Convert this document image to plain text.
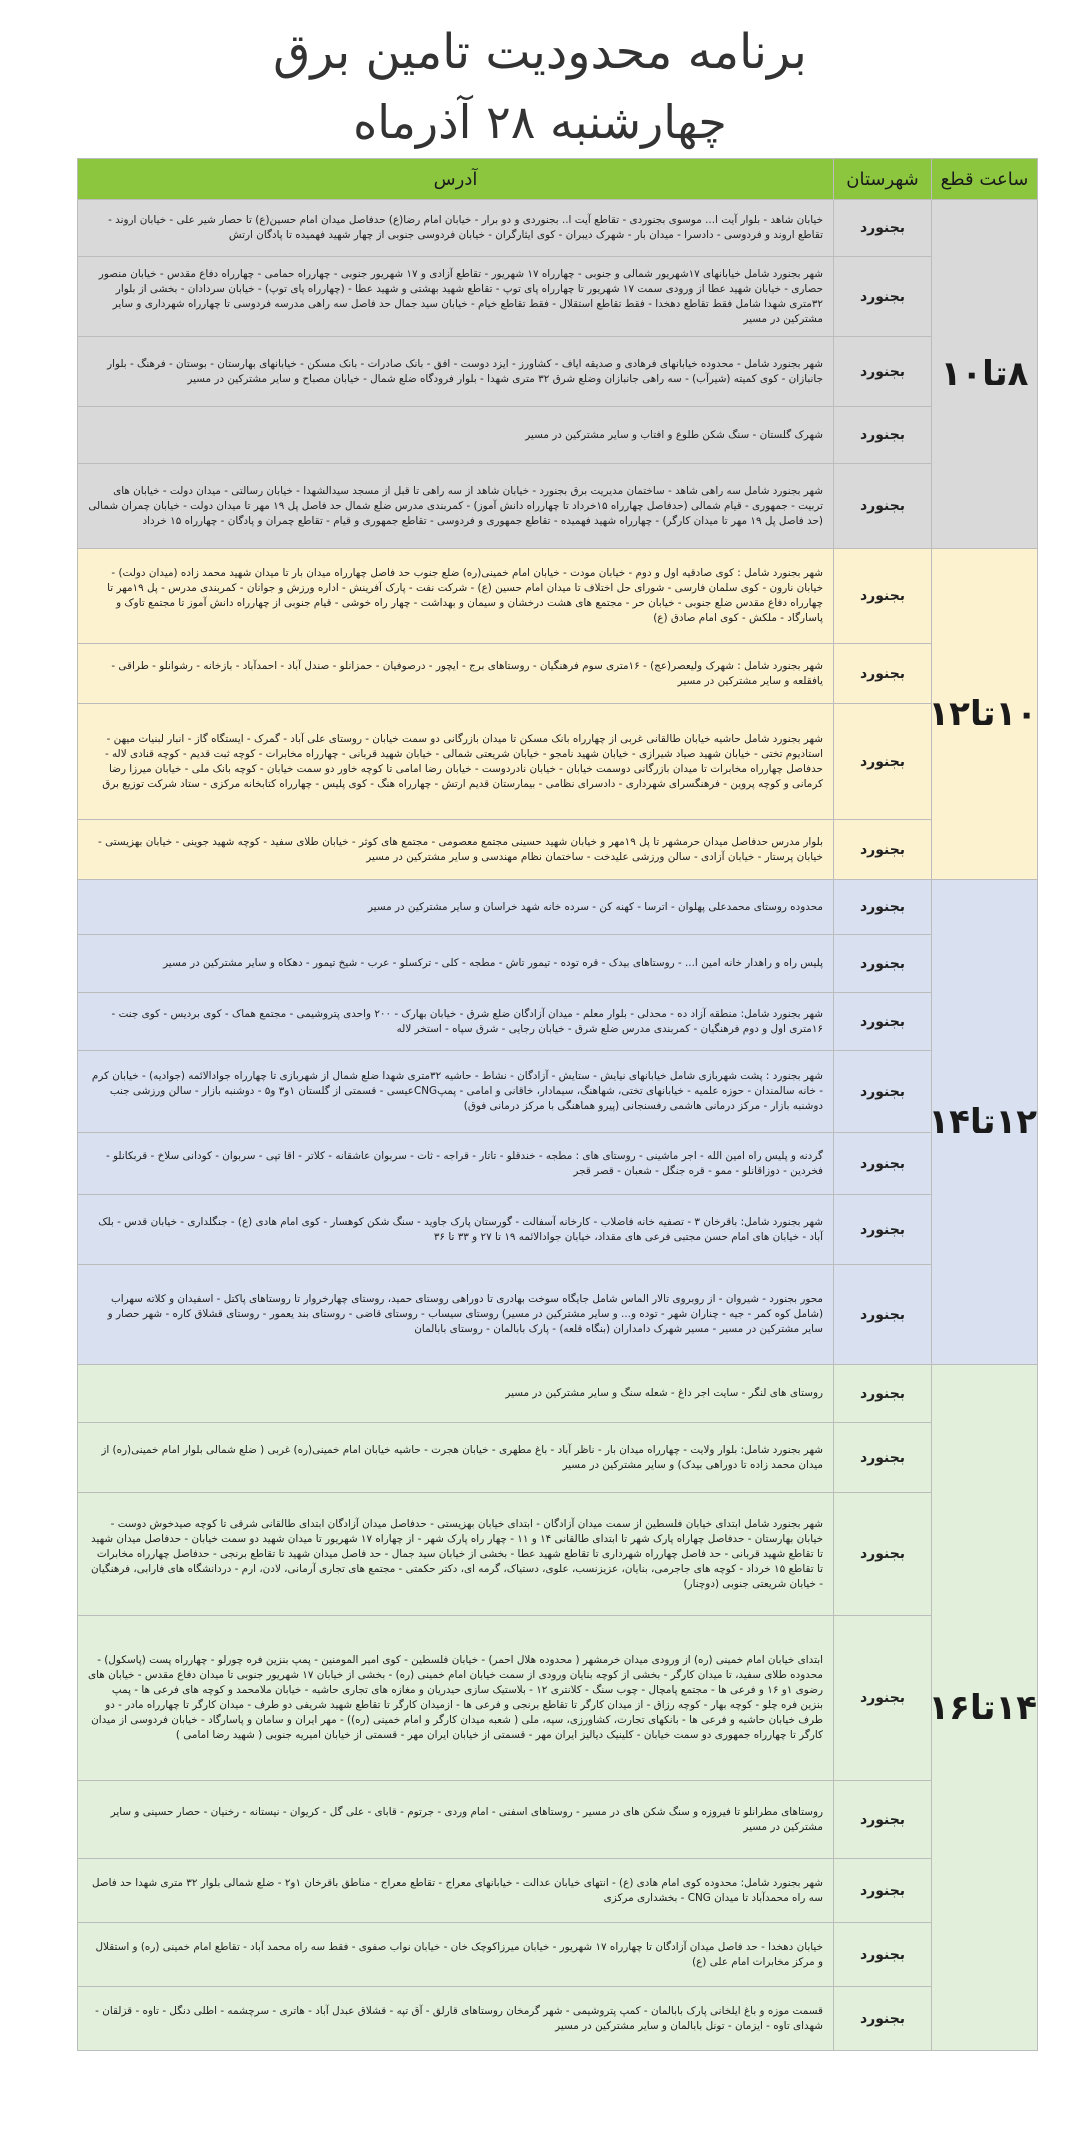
برنامه محدودیت تامین برق
چهارشنبه ۲۸ آذرماه
ساعت قطع	شهرستان	آدرس
۸تا۱۰	بجنورد	خیابان شاهد - بلوار آیت ا... موسوی بجنوردی - تقاطع آیت ا.. بجنوردی و دو برار - خیابان امام رضا(ع) حدفاصل میدان امام حسین(ع) تا حصار شیر علی - خیابان اروند - تقاطع اروند و فردوسی - دادسرا - میدان بار - شهرک دیبران - کوی ایثارگران - خیابان فردوسی جنوبی از چهار شهید فهمیده تا پادگان ارتش
	بجنورد	شهر بجنورد شامل خیابانهای ۱۷شهریور شمالی و جنوبی - چهارراه ۱۷ شهریور - تقاطع آزادی و ۱۷ شهریور جنوبی - چهارراه حمامی - چهارراه دفاع مقدس - خیابان منصور حصاری - خیابان شهید عطا از ورودی سمت ۱۷ شهریور تا چهارراه پای توپ - تقاطع شهید بهشتی و شهید عطا - (چهارراه پای توپ) - خیابان سردادان - بخشی از بلوار ۳۲متری شهدا شامل فقط تقاطع دهخدا - فقط تقاطع استقلال - فقط تقاطع خیام - خیابان سید جمال حد فاصل سه راهی مدرسه فردوسی تا چهارراه شهرداری و سایر مشترکین در مسیر
	بجنورد	شهر بجنورد شامل - محدوده خیابانهای فرهادی و صدیقه ایاف - کشاورز - ایزد دوست - افق - بانک صادرات - بانک مسکن - خیابانهای بهارستان - بوستان - فرهنگ - بلوار جانبازان - کوی کمیته (شیرآب) - سه راهی جانبازان وضلع شرق ۳۲ متری شهدا - بلوار فرودگاه ضلع شمال - خیابان مصباح و سایر مشترکین در مسیر
	بجنورد	شهرک گلستان - سنگ شکن طلوع و افتاب و سایر مشترکین در مسیر
	بجنورد	شهر بجنورد شامل سه راهی شاهد - ساختمان مدیریت برق بجنورد - خیابان شاهد از سه راهی تا قبل از مسجد سیدالشهدا - خیابان رسالتی - میدان دولت - خیابان های تربیت - جمهوری - قیام شمالی (حدفاصل چهارراه ۱۵خرداد تا چهارراه دانش آموز) - کمربندی مدرس ضلع شمال حد فاصل پل ۱۹ مهر تا میدان دولت - خیابان چمران شمالی (حد فاصل پل ۱۹ مهر تا میدان کارگر) - چهارراه شهید فهمیده - تقاطع جمهوری و فردوسی - تقاطع جمهوری و قیام - تقاطع چمران و پادگان - چهارراه ۱۵ خرداد
۱۰تا۱۲	بجنورد	شهر بجنورد شامل : کوی صادقیه اول و دوم - خیابان مودت - خیابان امام خمینی(ره) ضلع جنوب حد فاصل چهارراه میدان بار تا میدان شهید محمد زاده (میدان دولت) - خیابان نارون - کوی سلمان فارسی - شورای حل اختلاف تا میدان امام حسین (ع) - شرکت نفت - پارک آفرینش - اداره ورزش و جوانان - کمربندی مدرس - پل ۱۹مهر تا چهارراه دفاع مقدس ضلع جنوبی - خیابان حر - مجتمع های هشت درخشان و سیمان و بهداشت - چهار راه خوشی - قیام جنوبی از چهارراه دانش آموز تا مجتمع تاوک و پاسارگاد - ملکش - کوی امام صادق (ع)
	بجنورد	شهر بجنورد شامل : شهرک ولیعصر(عج) - ۱۶متری سوم فرهنگیان - روستاهای برج - ایچور - درصوفیان - حمزانلو - صندل آباد - احمدآباد - بازخانه - رشوانلو - طراقی - یافقلعه و سایر مشترکین در مسیر
	بجنورد	شهر بجنورد شامل حاشیه خیابان طالقانی غربی از چهارراه بانک مسکن تا میدان بازرگانی دو سمت خیابان - روستای علی آباد - گمرک - ایستگاه گاز - انبار لبنیات میهن - استادیوم تختی - خیابان شهید صیاد شیرازی - خیابان شهید نامجو - خیابان شریعتی شمالی - خیابان شهید قربانی - چهارراه مخابرات - کوچه ثبت قدیم - کوچه قنادی لاله - حدفاصل چهارراه مخابرات تا میدان بازرگانی دوسمت خیابان - خیابان نادردوست - خیابان رضا امامی تا کوچه خاور دو سمت خیابان - کوچه بانک ملی - خیابان میرزا رضا کرمانی و کوچه پروین - فرهنگسرای شهرداری - دادسرای نظامی - بیمارستان قدیم ارتش - چهارراه هنگ - کوی پلیس - چهارراه کتابخانه مرکزی - ستاد شرکت توزیع برق
	بجنورد	بلوار مدرس حدفاصل میدان حرمشهر تا پل ۱۹مهر و خیابان شهید حسینی مجتمع معصومی - مجتمع های کوثر - خیابان طلای سفید - کوچه شهید جوینی - خیابان بهزیستی - خیابان پرستار - خیابان آزادی - سالن ورزشی علیدخت - ساختمان نظام مهندسی و سایر مشترکین در مسیر
۱۲تا۱۴	بجنورد	محدوده روستای محمدعلی پهلوان - اترسا - کهنه کن - سرده خانه شهد خراسان و سایر مشترکین در مسیر
	بجنورد	پلیس راه و راهدار خانه امین ا... - روستاهای بیدک - قره توده - تیمور تاش - مطجه - کلی - ترکسلو - عرب - شیخ تیمور - دهکاه و سایر مشترکین در مسیر
	بجنورد	شهر بجنورد شامل: منطقه آزاد ده - محدلی - بلوار معلم - میدان آزادگان ضلع شرق - خیابان بهارک - ۲۰۰ واحدی پتروشیمی - مجتمع هماک - کوی بردیس - کوی جنت - ۱۶متری اول و دوم فرهنگیان - کمربندی مدرس ضلع شرق - خیابان رجایی - شرق سپاه - استخر لاله
	بجنورد	شهر بجنورد : پشت شهربازی شامل خیابانهای نیایش - ستایش - آزادگان - نشاط - حاشیه ۳۲متری شهدا ضلع شمال از شهربازی تا چهارراه جوادالائمه (جوادیه) - خیابان کرم - خانه سالمندان - حوزه علمیه - خیابانهای تختی، شهاهنگ، سیمادار، خاقانی و امامی - پمپCNGعیسی - قسمتی از گلستان ۱و۳ و۵ - دوشنبه بازار - سالن ورزشی جنب دوشنبه بازار - مرکز درمانی هاشمی رفسنجانی (پیرو هماهنگی با مرکز درمانی فوق)
	بجنورد	گردنه و پلیس راه امین الله - اجر ماشینی - روستای های : مطجه - خندقلو - تاتار - قراجه - ثات - سربوان عاشقانه - کلاتر - اقا تپی - سربوان - کودانی سلاخ - قربکانلو - فخردین - دوزاقانلو - ممو - قره جنگل - شعبان - قصر قجر
	بجنورد	شهر بجنورد شامل: باقرخان ۳ - تصفیه خانه فاضلاب - کارخانه آسفالت - گورستان پارک جاوید - سنگ شکن کوهسار - کوی امام هادی (ع) - جنگلداری - خیابان قدس - بلک آباد - خیابان های امام حسن مجتبی فرعی های مقداد، خیابان جوادالائمه ۱۹ تا ۲۷ و ۳۳ تا ۳۶
	بجنورد	محور بجنورد - شیروان - از روبروی تالار الماس شامل جایگاه سوخت بهادری تا دوراهی روستای حمید، روستای چهارخروار تا روستاهای پاکتل - اسفیدان و کلاته سهراب (شامل کوه کمر - جیه - چناران شهر - توده و... و سایر مشترکین در مسیر) روستای سیساب - روستای قاضی - روستای بند یعمور - روستای قشلاق کاره - شهر حصار و سایر مشترکین در مسیر - مسیر شهرک دامداران (بنگاه قلعه) - پارک بابالمان - روستای بابالمان
۱۴تا۱۶	بجنورد	روستای های لنگر - سایت اجر داغ - شعله سنگ و سایر مشترکین در مسیر
	بجنورد	شهر بجنورد شامل: بلوار ولایت - چهارراه میدان بار - ناظر آباد - باغ مطهری - خیابان هجرت - حاشیه خیابان امام خمینی(ره) غربی ( ضلع شمالی بلوار امام خمینی(ره) از میدان محمد زاده تا دوراهی بیدک) و سایر مشترکین در مسیر
	بجنورد	شهر بجنورد شامل ابتدای خیابان فلسطین از سمت میدان آزادگان - ابتدای خیابان بهزیستی - حدفاصل میدان آزادگان ابتدای طالقانی شرقی تا کوچه صیدخوش دوست - خیابان بهارستان - حدفاصل چهاراه پارک شهر تا ابتدای طالقانی ۱۴ و ۱۱ - چهار راه پارک شهر - از چهاراه ۱۷ شهریور تا میدان شهید دو سمت خیابان - حدفاصل میدان شهید تا تقاطع شهید قربانی - حد فاصل چهارراه شهرداری تا تقاطع شهید عطا - بخشی از خیابان سید جمال - حد فاصل میدان شهید تا تقاطع برنجی - حدفاصل چهارراه مخابرات تا تقاطع ۱۵ خرداد - کوچه های جاجرمی، بنایان، عزیزنسب، علوی، دستیاک، گرمه ای، دکتر حکمتی - مجتمع های تجاری آرمانی، لادن، ارم - دردانشگاه های فارابی، فرهنگیان - خیابان شریعتی جنوبی (دوچنار)
	بجنورد	ابتدای خیابان امام خمینی (ره) از ورودی میدان خرمشهر ( محدوده هلال احمر) - خیابان فلسطین - کوی امیر المومنین - پمپ بنزین فره چورلو - چهارراه پست (پاسکول) - محدوده طلای سفید، تا میدان کارگر - بخشی از کوچه بنایان ورودی از سمت خیابان امام خمینی (ره) - بخشی از خیابان ۱۷ شهریور جنوبی تا میدان دفاع مقدس - خیابان های رضوی ۱و ۱۶ و فرعی ها - مجتمع پامچال - چوب سنگ - کلانتری ۱۲ - بلاستیک سازی حیدریان و مغازه های تجاری حاشیه - خیابان ملامحمد و کوچه های فرعی ها - پمپ بنزین فره چلو - کوچه بهار - کوچه رزاق - از میدان کارگر تا تقاطع برنجی و فرعی ها - ازمیدان کارگر تا تقاطع شهید شریفی دو طرف - میدان کارگر تا چهارراه مادر - دو طرف خیابان حاشیه و فرعی ها - بانکهای تجارت، کشاورزی، سپه، ملی ( شعبه میدان کارگر و امام خمینی (ره)) - مهر ایران و سامان و پاسارگاد - خیابان فردوسی از میدان کارگر تا چهارراه جمهوری دو سمت خیابان - کلینیک دیالیز ایران مهر - قسمتی از خیابان ایران مهر - قسمتی از خیابان امیریه جنوبی ( شهید رضا امامی )
	بجنورد	روستاهای مطرانلو تا فیروزه و سنگ شکن های در مسیر - روستاهای اسفنی - امام وردی - جرتوم - قابای - علی گل - کریوان - نیستانه - رخنیان - حصار حسینی و سایر مشترکین در مسیر
	بجنورد	شهر بجنورد شامل: محدوده کوی امام هادی (ع) - انتهای خیابان عدالت - خیابانهای معراج - تقاطع معراج - مناطق باقرخان ۱و۲ - ضلع شمالی بلوار ۳۲ متری شهدا حد فاصل سه راه محمدآباد تا میدان CNG - بخشداری مرکزی
	بجنورد	خیابان دهخدا - حد فاصل میدان آزادگان تا چهارراه ۱۷ شهریور - خیابان میرزاکوچک خان - خیابان نواب صفوی - فقط سه راه محمد آباد - تقاطع امام خمینی (ره) و استقلال و مرکز مخابرات امام علی (ع)
	بجنورد	قسمت موزه و باغ ایلخانی پارک بابالمان - کمپ پتروشیمی - شهر گرمخان روستاهای قارلق - آق تپه - قشلاق عبدل آباد - هاتری - سرچشمه - اطلی دنگل - تاوه - قزلقان - شهدای تاوه - ایزمان - تونل بابالمان و سایر مشترکین در مسیر
